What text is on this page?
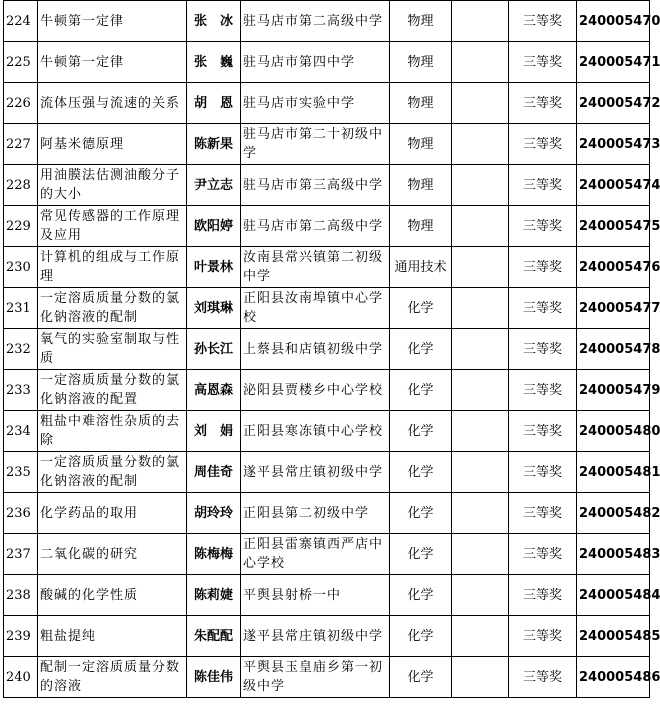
224	牛顿第一定律	张　冰	驻马店市第二高级中学	物理		三等奖	240005470
225	牛顿第一定律	张　巍	驻马店市第四中学	物理		三等奖	240005471
226	流体压强与流速的关系	胡　恩	驻马店市实验中学	物理		三等奖	240005472
227	阿基米德原理	陈新果	驻马店市第二十初级中学	物理		三等奖	240005473
228	用油膜法估测油酸分子的大小	尹立志	驻马店市第三高级中学	物理		三等奖	240005474
229	常见传感器的工作原理及应用	欧阳婷	驻马店市第二高级中学	物理		三等奖	240005475
230	计算机的组成与工作原理	叶景林	汝南县常兴镇第二初级中学	通用技术		三等奖	240005476
231	一定溶质质量分数的氯化钠溶液的配制	刘琪琳	正阳县汝南埠镇中心学校	化学		三等奖	240005477
232	氧气的实验室制取与性质	孙长江	上蔡县和店镇初级中学	化学		三等奖	240005478
233	一定溶质质量分数的氯化钠溶液的配置	高恩森	泌阳县贾楼乡中心学校	化学		三等奖	240005479
234	粗盐中难溶性杂质的去除	刘　娟	正阳县寒冻镇中心学校	化学		三等奖	240005480
235	一定溶质质量分数的氯化钠溶液的配制	周佳奇	遂平县常庄镇初级中学	化学		三等奖	240005481
236	化学药品的取用	胡玲玲	正阳县第二初级中学	化学		三等奖	240005482
237	二氧化碳的研究	陈梅梅	正阳县雷寨镇西严店中心学校	化学		三等奖	240005483
238	酸碱的化学性质	陈莉婕	平舆县射桥一中	化学		三等奖	240005484
239	粗盐提纯	朱配配	遂平县常庄镇初级中学	化学		三等奖	240005485
240	配制一定溶质质量分数的溶液	陈佳伟	平舆县玉皇庙乡第一初级中学	化学		三等奖	240005486
